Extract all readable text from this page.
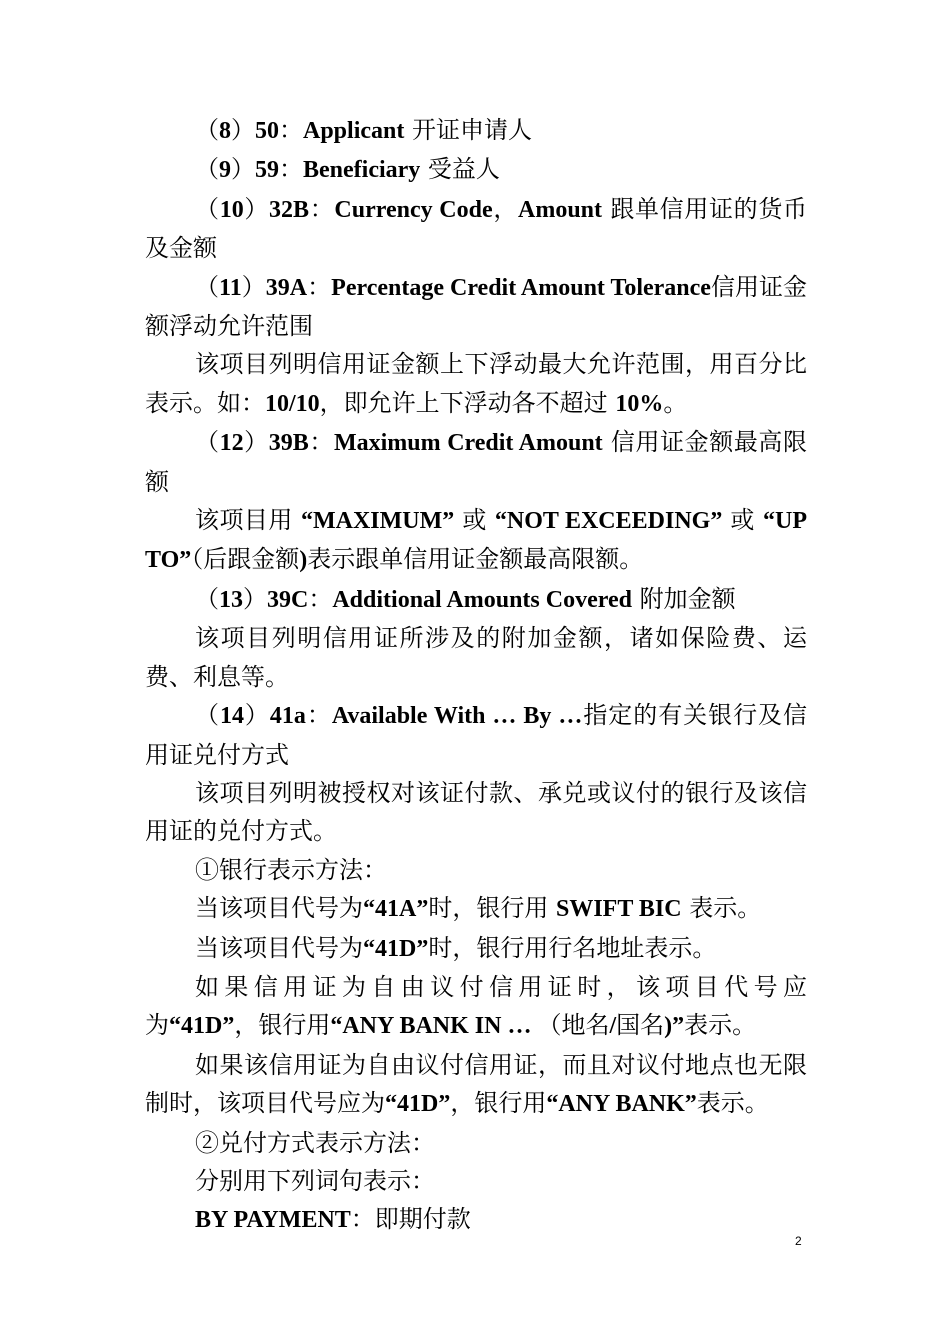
（8）50：Applicant 开证申请人

（9）59：Beneficiary 受益人

（10）32B：Currency Code，Amount 跟单信用证的货币及金额

（11）39A：Percentage Credit Amount Tolerance信用证金额浮动允许范围

该项目列明信用证金额上下浮动最大允许范围，用百分比表示。如：10/10，即允许上下浮动各不超过 10%。

（12）39B：Maximum Credit Amount 信用证金额最高限额

该项目用 “MAXIMUM” 或 “NOT EXCEEDING” 或 “UP TO”（后跟金额)表示跟单信用证金额最高限额。

（13）39C：Additional Amounts Covered 附加金额

该项目列明信用证所涉及的附加金额，诸如保险费、运费、利息等。

（14）41a：Available With … By …指定的有关银行及信用证兑付方式

该项目列明被授权对该证付款、承兑或议付的银行及该信用证的兑付方式。

①银行表示方法：

当该项目代号为“41A”时，银行用 SWIFT BIC 表示。

当该项目代号为“41D”时，银行用行名地址表示。

如果信用证为自由议付信用证时，该项目代号应为“41D”，银行用“ANY BANK IN … （地名/国名)”表示。

如果该信用证为自由议付信用证，而且对议付地点也无限制时，该项目代号应为“41D”，银行用“ANY BANK”表示。

②兑付方式表示方法：

分别用下列词句表示：

BY PAYMENT：即期付款

2
